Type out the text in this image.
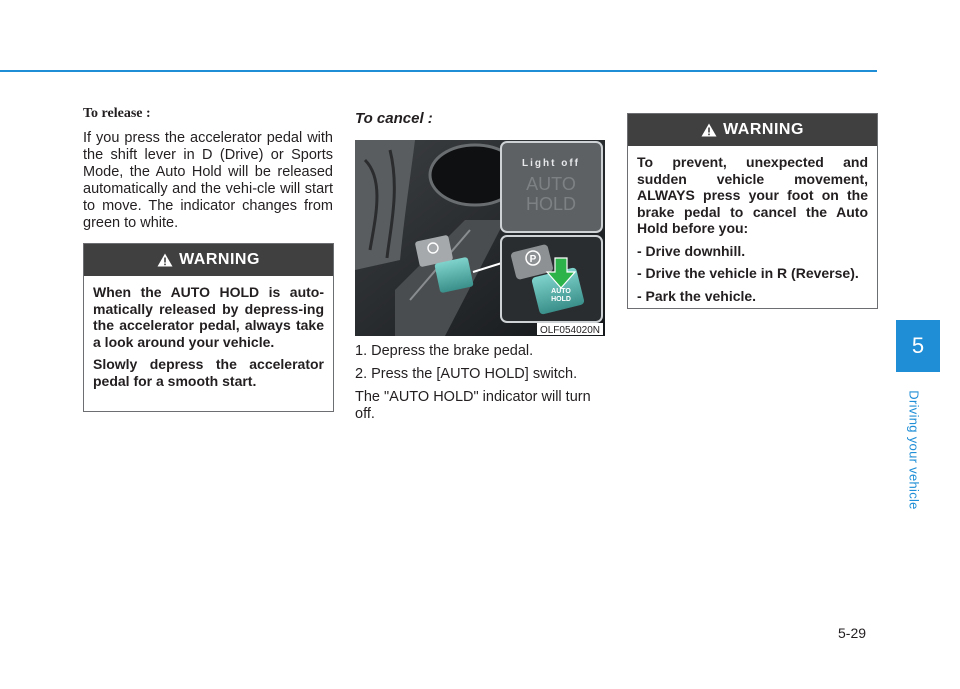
To release :
If you press the accelerator pedal with the shift lever in D (Drive) or Sports Mode, the Auto Hold will be released automatically and the vehi-cle will start to move. The indicator changes from green to white.
WARNING

When the AUTO HOLD is auto-matically released by depress-ing the accelerator pedal, always take a look around your vehicle.

Slowly depress the accelerator pedal for a smooth start.

To cancel :
Light off
AUTO
HOLD
P
AUTO
HOLD
OLF054020N

1. Depress the brake pedal.

2. Press the [AUTO HOLD] switch.

The "AUTO HOLD" indicator will turn off.

WARNING

To prevent, unexpected and sudden vehicle movement, ALWAYS press your foot on the brake pedal to cancel the Auto Hold before you:

- Drive downhill.

- Drive the vehicle in R (Reverse).

- Park the vehicle.

5
Driving your vehicle
5-29
